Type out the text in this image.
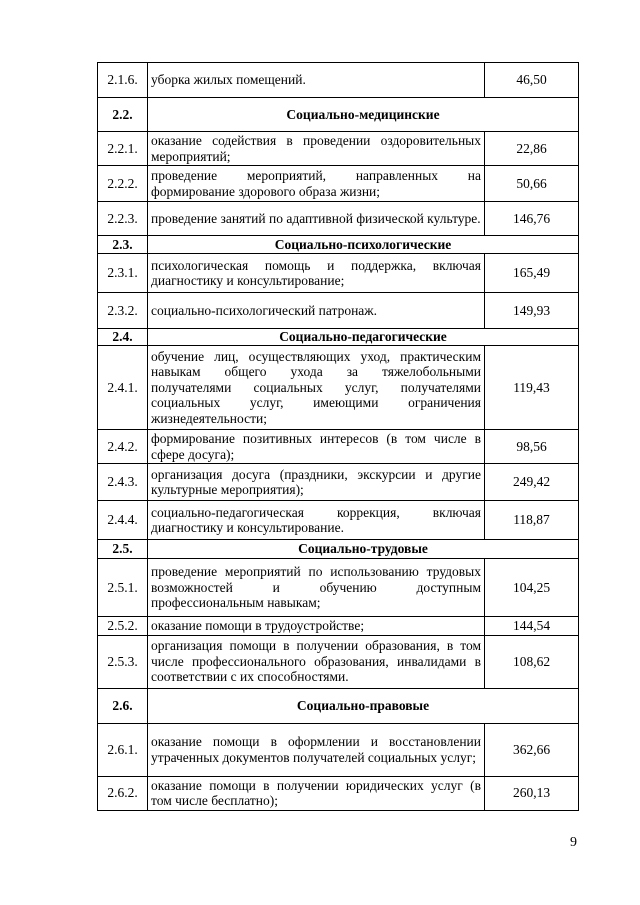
2.1.6.	уборка жилых помещений.	46,50
2.2.	Социально-медицинские	
2.2.1.	оказание содействия в проведении оздоровительных мероприятий;	22,86
2.2.2.	проведение мероприятий, направленных на формирование здорового образа жизни;	50,66
2.2.3.	проведение занятий по адаптивной физической культуре.	146,76
2.3.	Социально-психологические	
2.3.1.	психологическая помощь и поддержка, включая диагностику и консультирование;	165,49
2.3.2.	социально-психологический патронаж.	149,93
2.4.	Социально-педагогические	
2.4.1.	обучение лиц, осуществляющих уход, практическим навыкам общего ухода за тяжелобольными получателями социальных услуг, получателями социальных услуг, имеющими ограничения жизнедеятельности;	119,43
2.4.2.	формирование позитивных интересов (в том числе в сфере досуга);	98,56
2.4.3.	организация досуга (праздники, экскурсии и другие культурные мероприятия);	249,42
2.4.4.	социально-педагогическая коррекция, включая диагностику и консультирование.	118,87
2.5.	Социально-трудовые	
2.5.1.	проведение мероприятий по использованию трудовых возможностей и обучению доступным профессиональным навыкам;	104,25
2.5.2.	оказание помощи в трудоустройстве;	144,54
2.5.3.	организация помощи в получении образования, в том числе профессионального образования, инвалидами в соответствии с их способностями.	108,62
2.6.	Социально-правовые	
2.6.1.	оказание помощи в оформлении и восстановлении утраченных документов получателей социальных услуг;	362,66
2.6.2.	оказание помощи в получении юридических услуг (в том числе бесплатно);	260,13
9
